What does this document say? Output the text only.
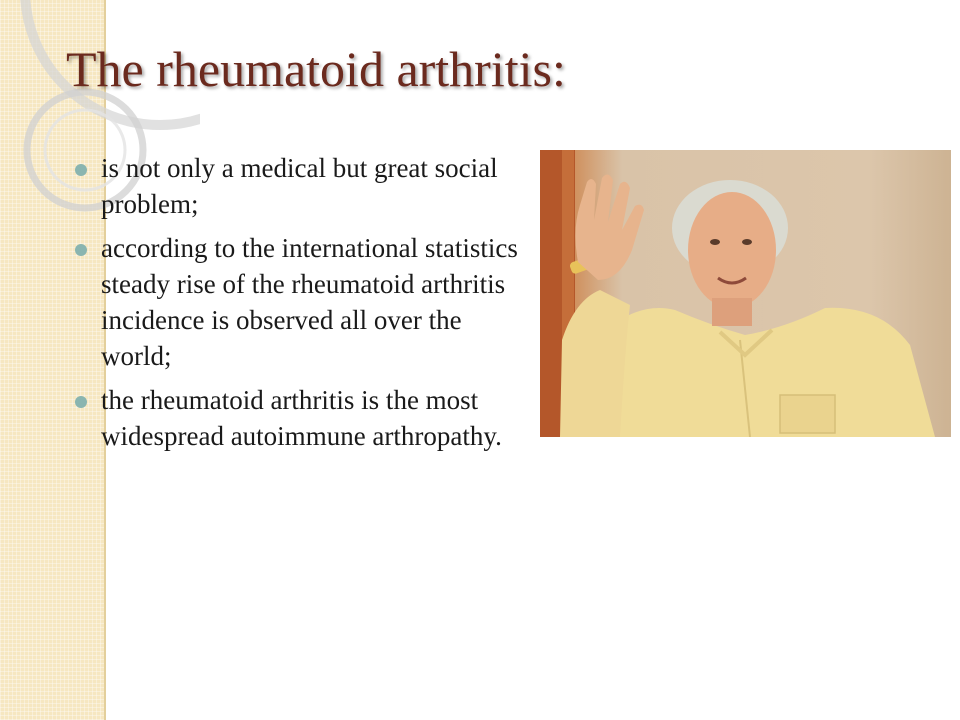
The rheumatoid arthritis:
is not only a medical but great social problem;
according to the international statistics steady rise of the rheumatoid arthritis incidence is observed all over the world;
the rheumatoid arthritis is the most widespread autoimmune arthropathy.
